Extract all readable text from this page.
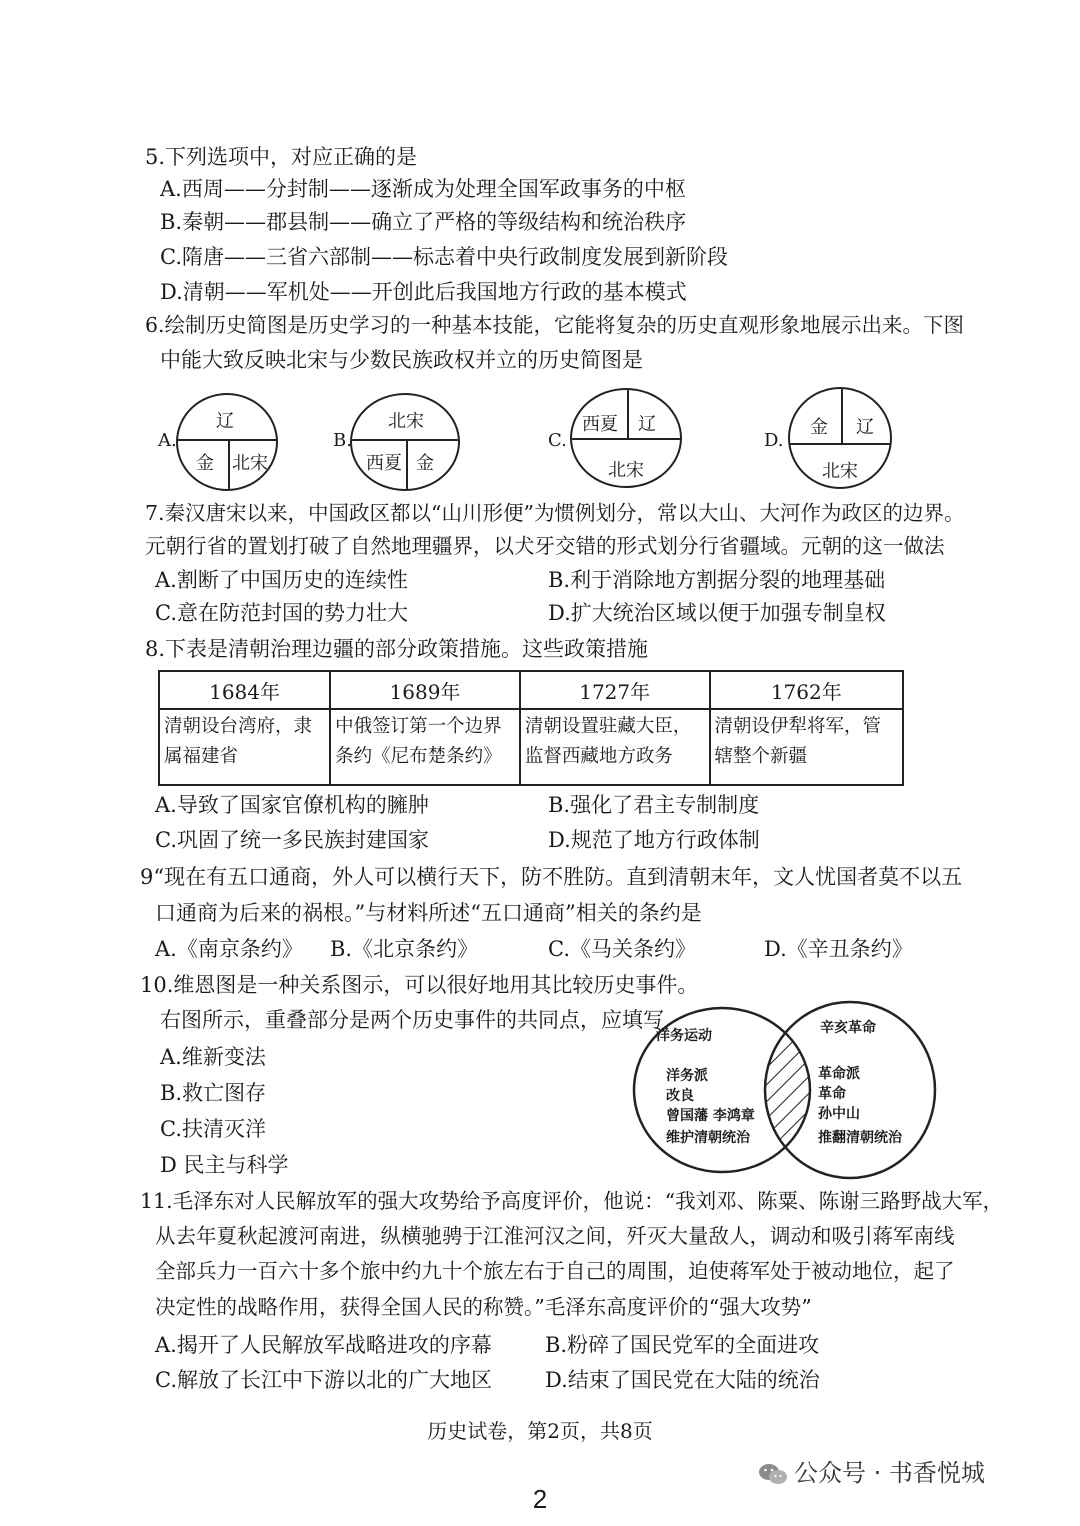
5.下列选项中，对应正确的是
A.西周——分封制——逐渐成为处理全国军政事务的中枢
B.秦朝——郡县制——确立了严格的等级结构和统治秩序
C.隋唐——三省六部制——标志着中央行政制度发展到新阶段
D.清朝——军机处——开创此后我国地方行政的基本模式
6.绘制历史简图是历史学习的一种基本技能，它能将复杂的历史直观形象地展示出来。下图
中能大致反映北宋与少数民族政权并立的历史简图是
A.
辽
金 北宋
B.
北宋
西夏 金
C.
西夏 辽
北宋
D.
金 辽
北宋
7.秦汉唐宋以来，中国政区都以“山川形便”为惯例划分，常以大山、大河作为政区的边界。
元朝行省的置划打破了自然地理疆界，以犬牙交错的形式划分行省疆域。元朝的这一做法
A.割断了中国历史的连续性	B.利于消除地方割据分裂的地理基础
C.意在防范封国的势力壮大	D.扩大统治区域以便于加强专制皇权
8.下表是清朝治理边疆的部分政策措施。这些政策措施
1684年	1689年	1727年	1762年
清朝设台湾府，隶属福建省	中俄签订第一个边界条约《尼布楚条约》	清朝设置驻藏大臣，监督西藏地方政务	清朝设伊犁将军，管辖整个新疆
A.导致了国家官僚机构的臃肿	B.强化了君主专制制度
C.巩固了统一多民族封建国家	D.规范了地方行政体制
9“现在有五口通商，外人可以横行天下，防不胜防。直到清朝末年，文人忧国者莫不以五
口通商为后来的祸根。”与材料所述“五口通商”相关的条约是
A.《南京条约》 B.《北京条约》	C.《马关条约》	D.《辛丑条约》
10.维恩图是一种关系图示，可以很好地用其比较历史事件。
右图所示，重叠部分是两个历史事件的共同点，应填写
A.维新变法
B.救亡图存
C.扶清灭洋
D 民主与科学
洋务运动
洋务派
改良
曾国藩 李鸿章
维护清朝统治
辛亥革命
革命派
革命
孙中山
推翻清朝统治
11.毛泽东对人民解放军的强大攻势给予高度评价，他说：“我刘邓、陈粟、陈谢三路野战大军，
从去年夏秋起渡河南进，纵横驰骋于江淮河汉之间，歼灭大量敌人，调动和吸引蒋军南线
全部兵力一百六十多个旅中约九十个旅左右于自己的周围，迫使蒋军处于被动地位，起了
决定性的战略作用，获得全国人民的称赞。”毛泽东高度评价的“强大攻势”
A.揭开了人民解放军战略进攻的序幕	B.粉碎了国民党军的全面进攻
C.解放了长江中下游以北的广大地区	D.结束了国民党在大陆的统治
历史试卷，第2页，共8页
公众号 · 书香悦城
2
